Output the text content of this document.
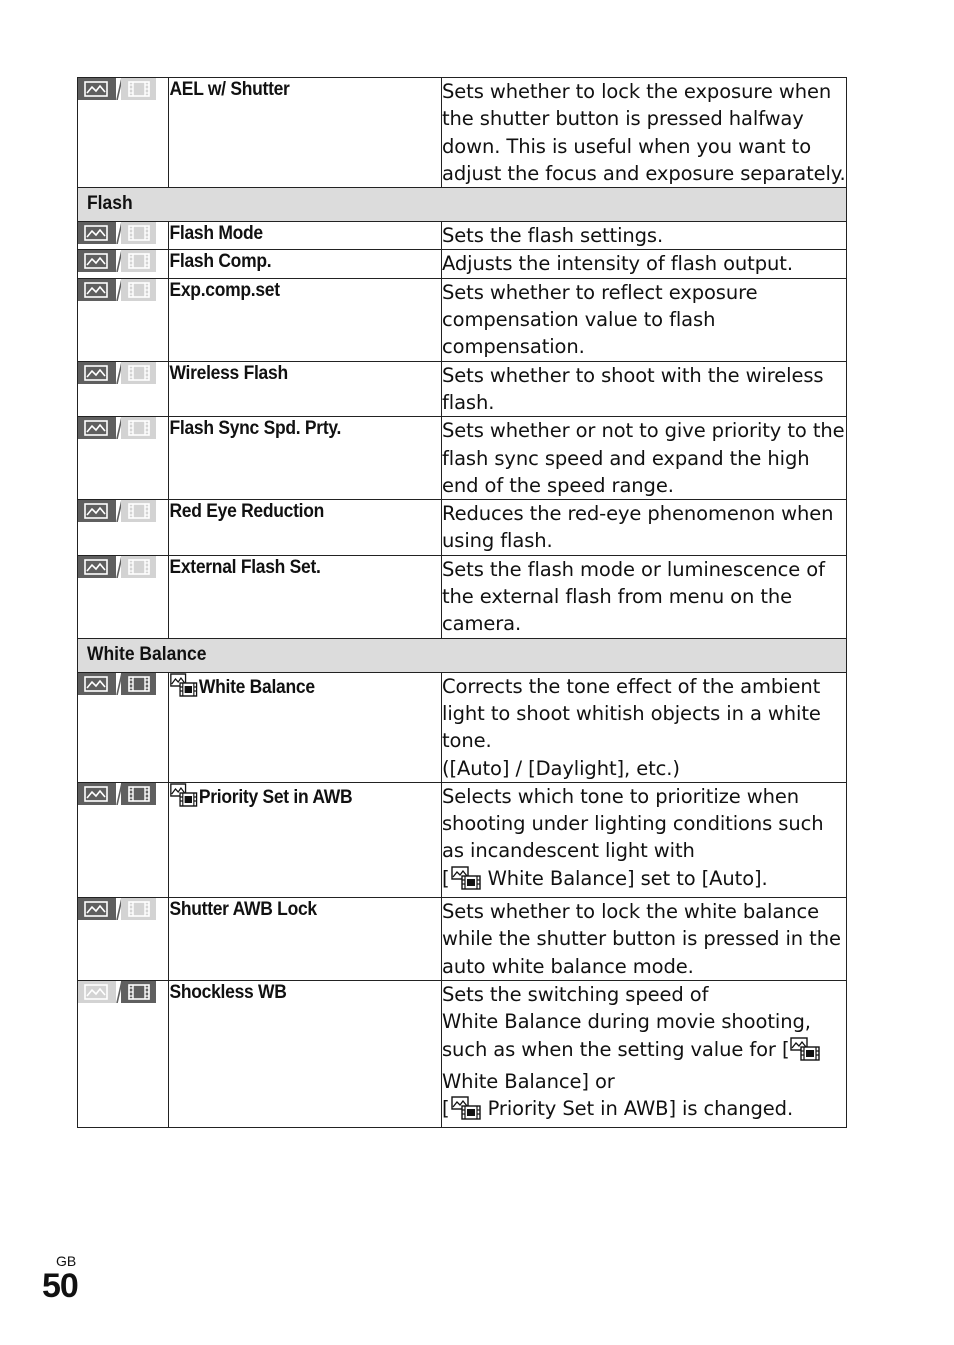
	AEL w/ Shutter	Sets whether to lock the exposure when the shutter button is pressed halfway down. This is useful when you want to adjust the focus and exposure separately.
Flash		

	Flash Mode	Sets the flash settings.

	Flash Comp.	Adjusts the intensity of flash output.

	Exp.comp.set	Sets whether to reflect exposure compensation value to flash compensation.

	Wireless Flash	Sets whether to shoot with the wireless flash.

	Flash Sync Spd. Prty.	Sets whether or not to give priority to the flash sync speed and expand the high end of the speed range.

	Red Eye Reduction	Reduces the red-eye phenomenon when using flash.

	External Flash Set.	Sets the flash mode or luminescence of the external flash from menu on the camera.
White Balance		

White Balance	Corrects the tone effect of the ambient light to shoot whitish objects in a white tone.
([Auto] / [Daylight], etc.)

Priority Set in AWB	Selects which tone to prioritize when shooting under lighting conditions such as incandescent light with
[ White Balance] set to [Auto].

	Shutter AWB Lock	Sets whether to lock the white balance while the shutter button is pressed in the auto white balance mode.

	Shockless WB	Sets the switching speed of
White Balance during movie shooting, such as when the setting value for [ White Balance] or
[ Priority Set in AWB] is changed.
GB
50
